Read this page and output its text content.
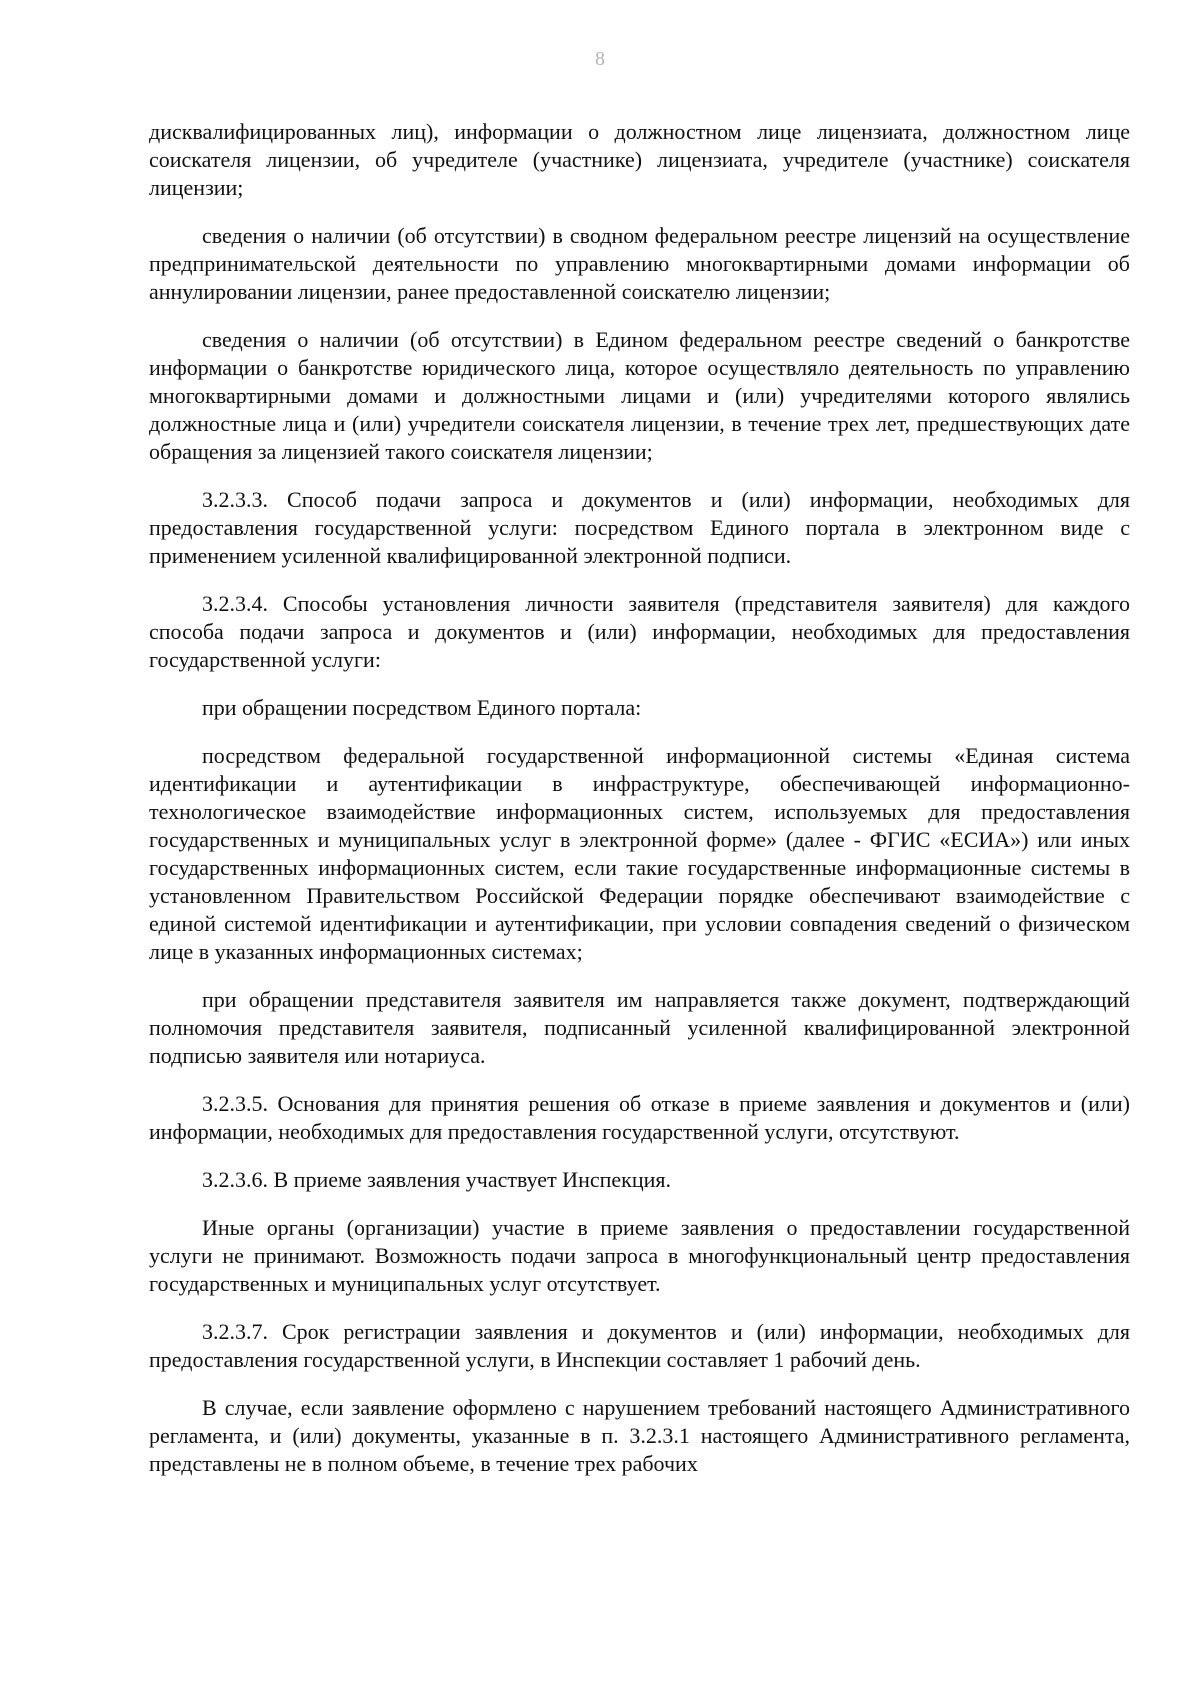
8

дисквалифицированных лиц), информации о должностном лице лицензиата, должностном лице соискателя лицензии, об учредителе (участнике) лицензиата, учредителе (участнике) соискателя лицензии;

сведения о наличии (об отсутствии) в сводном федеральном реестре лицензий на осуществление предпринимательской деятельности по управлению многоквартирными домами информации об аннулировании лицензии, ранее предоставленной соискателю лицензии;

сведения о наличии (об отсутствии) в Едином федеральном реестре сведений о банкротстве информации о банкротстве юридического лица, которое осуществляло деятельность по управлению многоквартирными домами и должностными лицами и (или) учредителями которого являлись должностные лица и (или) учредители соискателя лицензии, в течение трех лет, предшествующих дате обращения за лицензией такого соискателя лицензии;

3.2.3.3. Способ подачи запроса и документов и (или) информации, необходимых для предоставления государственной услуги: посредством Единого портала в электронном виде с применением усиленной квалифицированной электронной подписи.

3.2.3.4. Способы установления личности заявителя (представителя заявителя) для каждого способа подачи запроса и документов и (или) информации, необходимых для предоставления государственной услуги:

при обращении посредством Единого портала:

посредством федеральной государственной информационной системы «Единая система идентификации и аутентификации в инфраструктуре, обеспечивающей информационно-технологическое взаимодействие информационных систем, используемых для предоставления государственных и муниципальных услуг в электронной форме» (далее - ФГИС «ЕСИА») или иных государственных информационных систем, если такие государственные информационные системы в установленном Правительством Российской Федерации порядке обеспечивают взаимодействие с единой системой идентификации и аутентификации, при условии совпадения сведений о физическом лице в указанных информационных системах;

при обращении представителя заявителя им направляется также документ, подтверждающий полномочия представителя заявителя, подписанный усиленной квалифицированной электронной подписью заявителя или нотариуса.

3.2.3.5. Основания для принятия решения об отказе в приеме заявления и документов и (или) информации, необходимых для предоставления государственной услуги, отсутствуют.

3.2.3.6. В приеме заявления участвует Инспекция.

Иные органы (организации) участие в приеме заявления о предоставлении государственной услуги не принимают. Возможность подачи запроса в многофункциональный центр предоставления государственных и муниципальных услуг отсутствует.

3.2.3.7. Срок регистрации заявления и документов и (или) информации, необходимых для предоставления государственной услуги, в Инспекции составляет 1 рабочий день.

В случае, если заявление оформлено с нарушением требований настоящего Административного регламента, и (или) документы, указанные в п. 3.2.3.1 настоящего Административного регламента, представлены не в полном объеме, в течение трех рабочих
